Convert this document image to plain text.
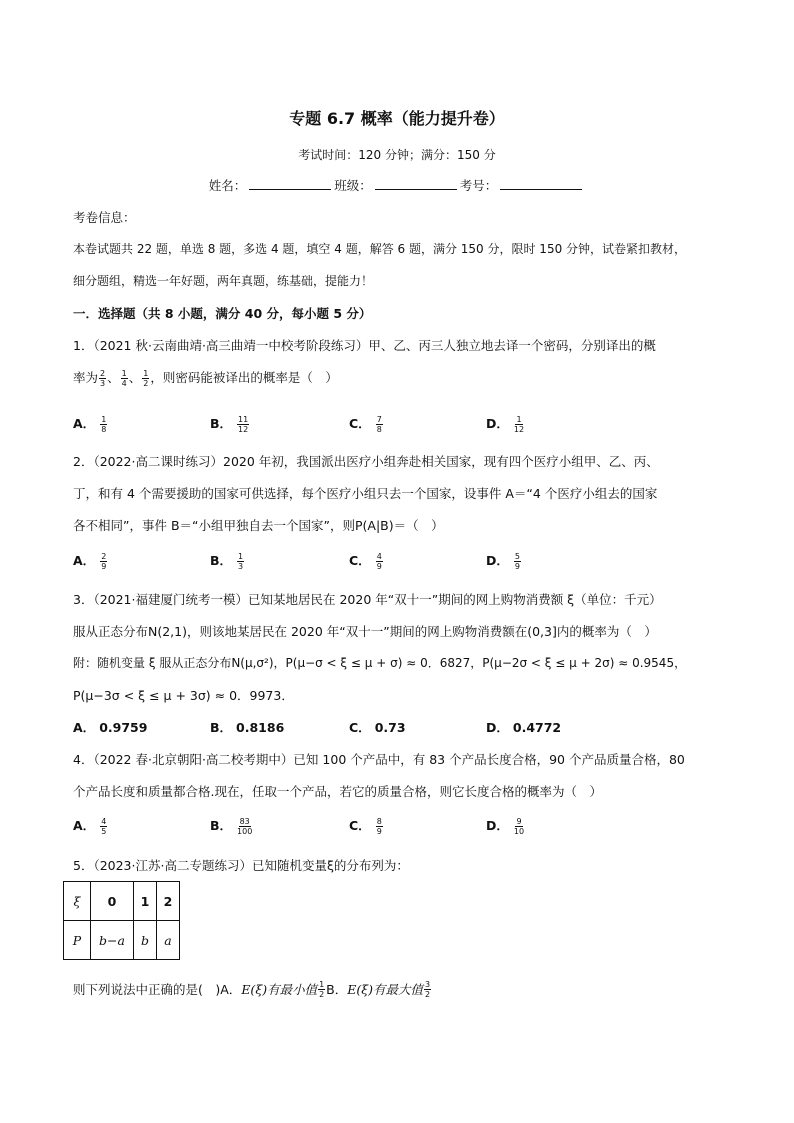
专题 6.7 概率（能力提升卷）
考试时间：120 分钟；满分：150 分
姓名：	班级：	考号：
考卷信息：
本卷试题共 22 题，单选 8 题，多选 4 题，填空 4 题，解答 6 题，满分 150 分，限时 150 分钟，试卷紧扣教材，
细分题组，精选一年好题，两年真题，练基础，提能力！
一．选择题（共 8 小题，满分 40 分，每小题 5 分）
1．（2021 秋·云南曲靖·高三曲靖一中校考阶段练习）甲、乙、丙三人独立地去译一个密码，分别译出的概
率为 $\frac{2}{3}$ 、 $\frac{1}{4}$ 、 $\frac{1}{2}$ ，则密码能被译出的概率是（　）
A． $\frac{1}{8}$	B． $\frac{11}{12}$	C． $\frac{7}{8}$	D． $\frac{1}{12}$
2．（2022·高二课时练习）2020 年初，我国派出医疗小组奔赴相关国家，现有四个医疗小组甲、乙、丙、
丁，和有 4 个需要援助的国家可供选择，每个医疗小组只去一个国家，设事件 A＝“4 个医疗小组去的国家
各不相同”，事件 B＝“小组甲独自去一个国家”，则P(A|B)＝（　）
A． $\frac{2}{9}$	B． $\frac{1}{3}$	C． $\frac{4}{9}$	D． $\frac{5}{9}$
3．（2021·福建厦门统考一模）已知某地居民在 2020 年“双十一”期间的网上购物消费额 ξ（单位：千元）
服从正态分布N(2,1)，则该地某居民在 2020 年“双十一”期间的网上购物消费额在(0,3]内的概率为（　）
附：随机变量 ξ 服从正态分布N(μ,σ²)，P(μ−σ < ξ ≤ μ + σ) ≈ 0．6827，P(μ−2σ < ξ ≤ μ + 2σ) ≈ 0.9545，
P(μ−3σ < ξ ≤ μ + 3σ) ≈ 0．9973．
A． 0.9759	B． 0.8186	C． 0.73	D． 0.4772
4．（2022 春·北京朝阳·高二校考期中）已知 100 个产品中，有 83 个产品长度合格，90 个产品质量合格，80
个产品长度和质量都合格.现在，任取一个产品，若它的质量合格，则它长度合格的概率为（　）
A． $\frac{4}{5}$	B． $\frac{83}{100}$	C． $\frac{8}{9}$	D． $\frac{9}{10}$
5．（2023·江苏·高二专题练习）已知随机变量ξ的分布列为：
ξ	0	1	2
P	b−a	b	a
则下列说法中正确的是(　)A．E(ξ)有最小值 $\frac{1}{2}$ B．E(ξ)有最大值 $\frac{3}{2}$
